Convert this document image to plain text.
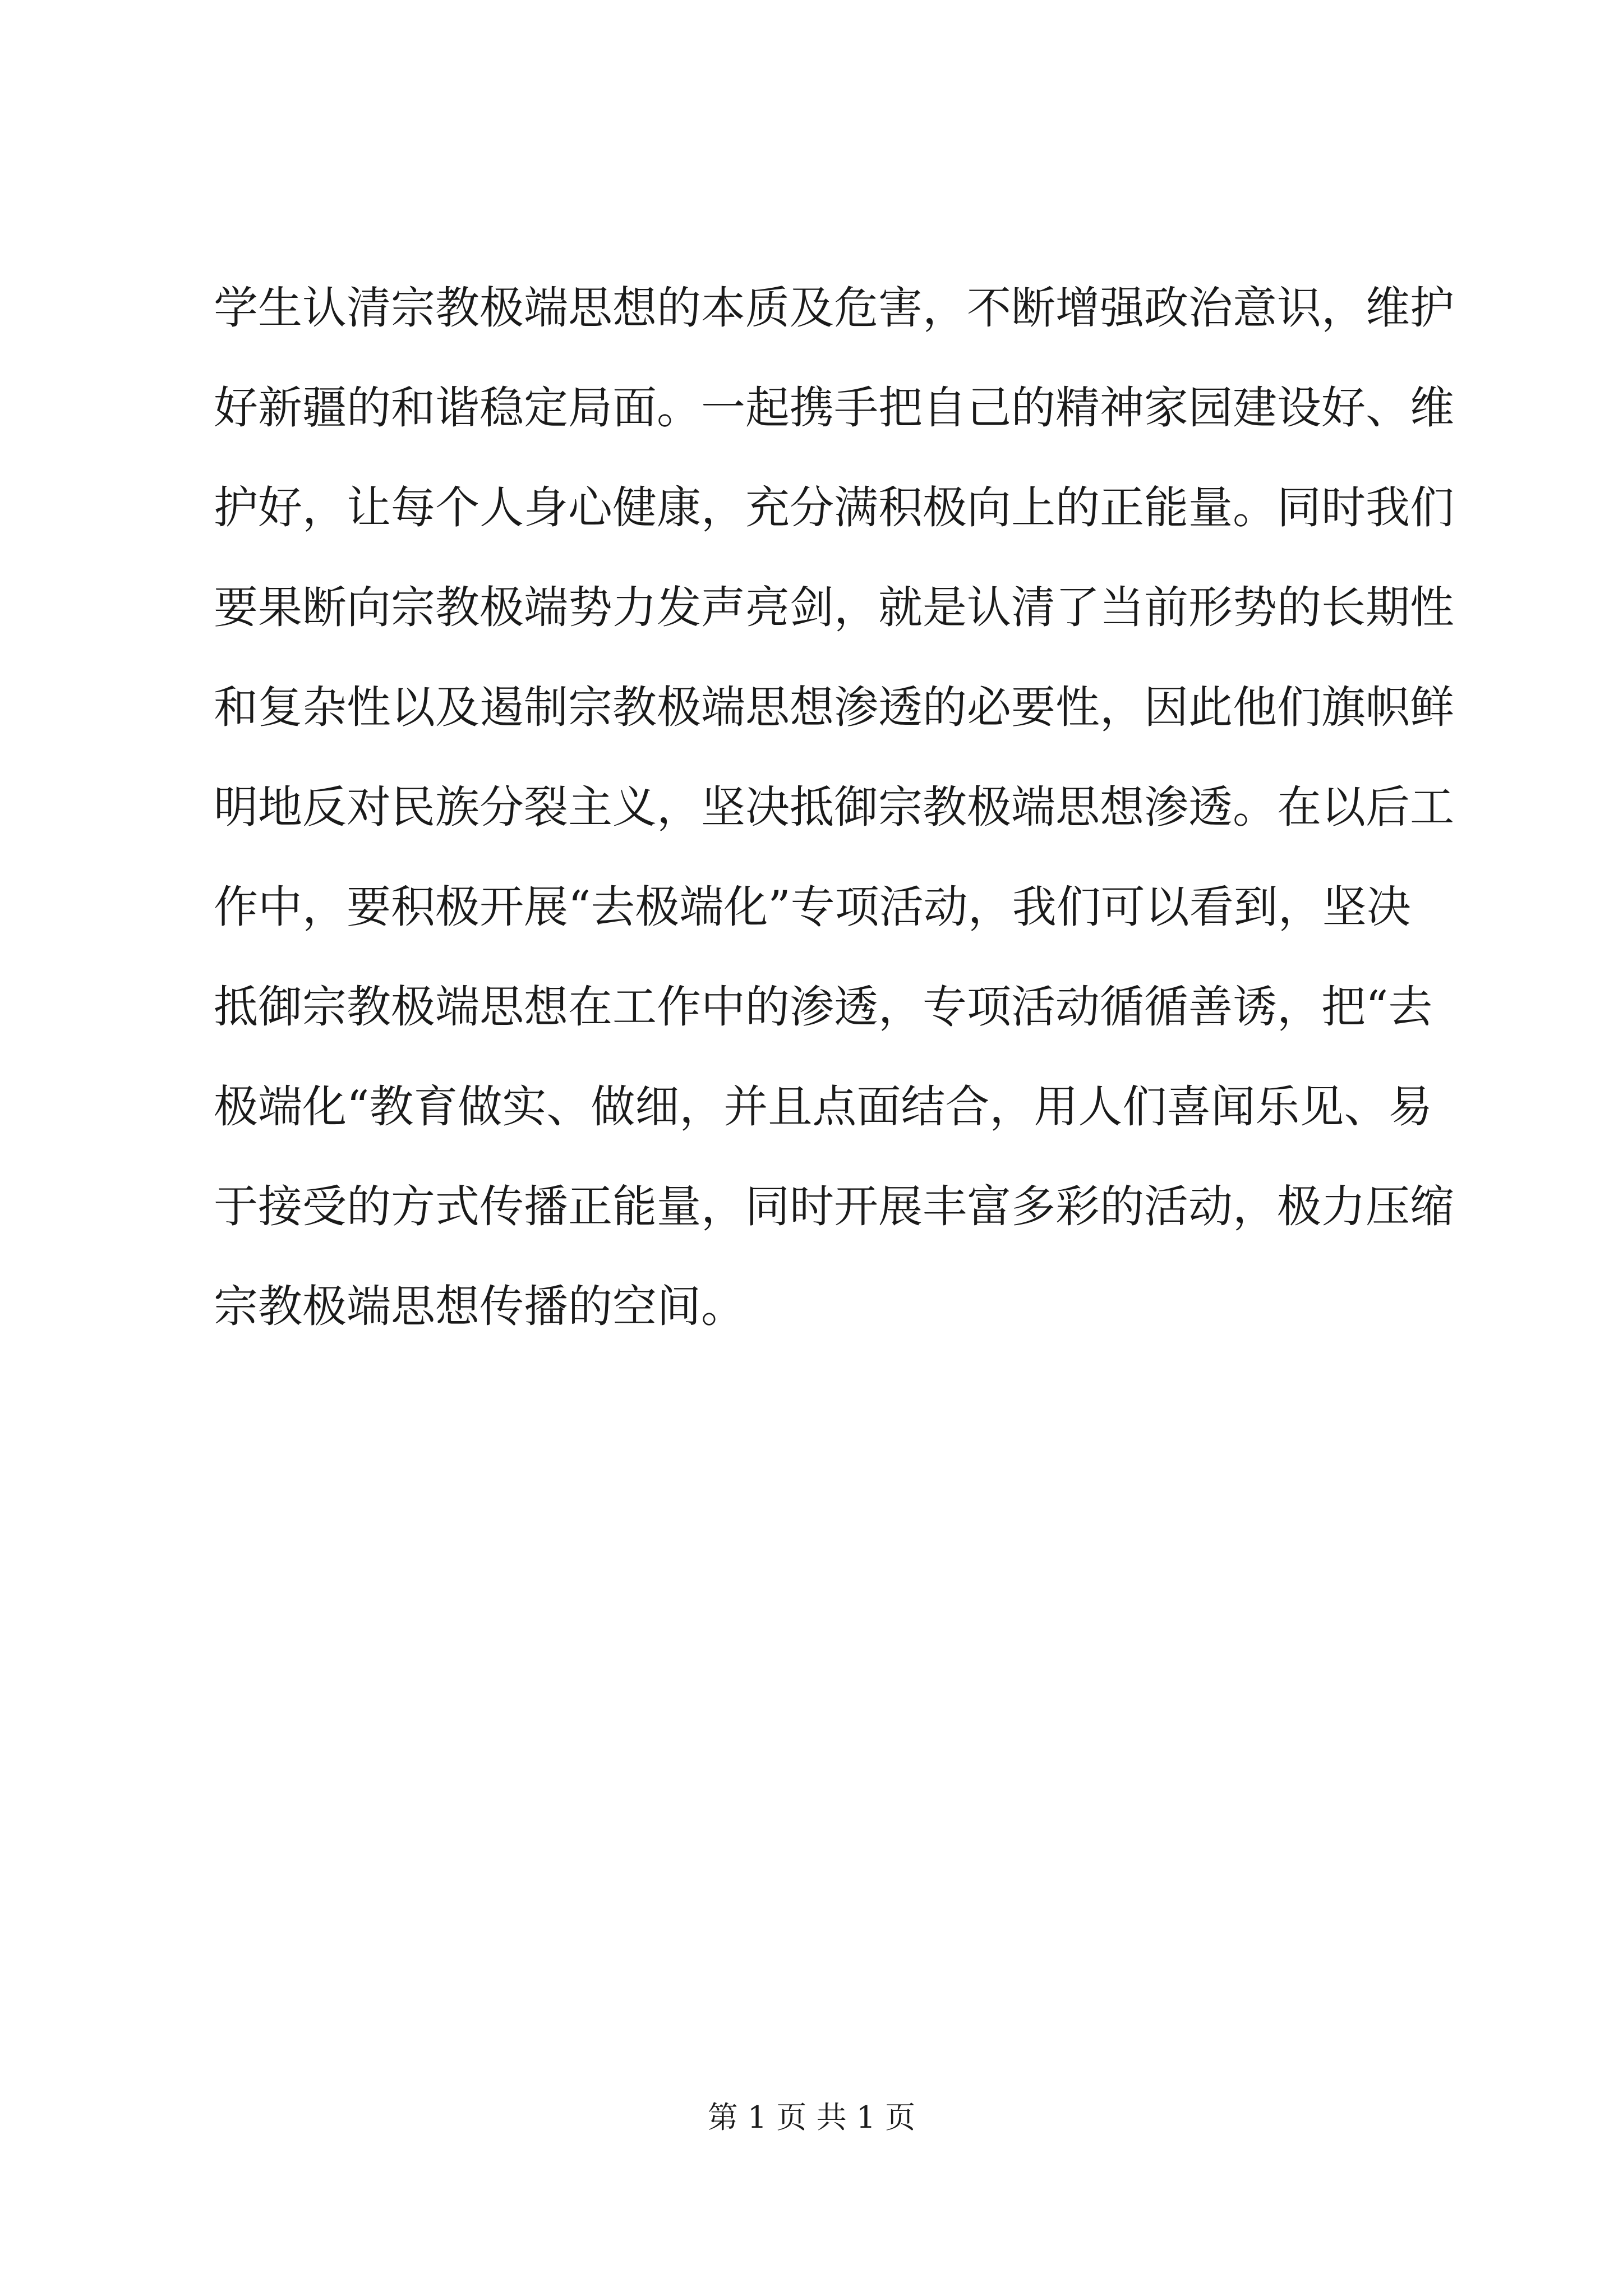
学生认清宗教极端思想的本质及危害，不断增强政治意识，维护
好新疆的和谐稳定局面。一起携手把自己的精神家园建设好、维
护好，让每个人身心健康，充分满积极向上的正能量。同时我们
要果断向宗教极端势力发声亮剑，就是认清了当前形势的长期性
和复杂性以及遏制宗教极端思想渗透的必要性，因此他们旗帜鲜
明地反对民族分裂主义，坚决抵御宗教极端思想渗透。在以后工
作中，要积极开展“去极端化”专项活动，我们可以看到，坚决
抵御宗教极端思想在工作中的渗透，专项活动循循善诱，把“去
极端化“教育做实、做细，并且点面结合，用人们喜闻乐见、易
于接受的方式传播正能量，同时开展丰富多彩的活动，极力压缩
宗教极端思想传播的空间。
第 1 页 共 1 页
